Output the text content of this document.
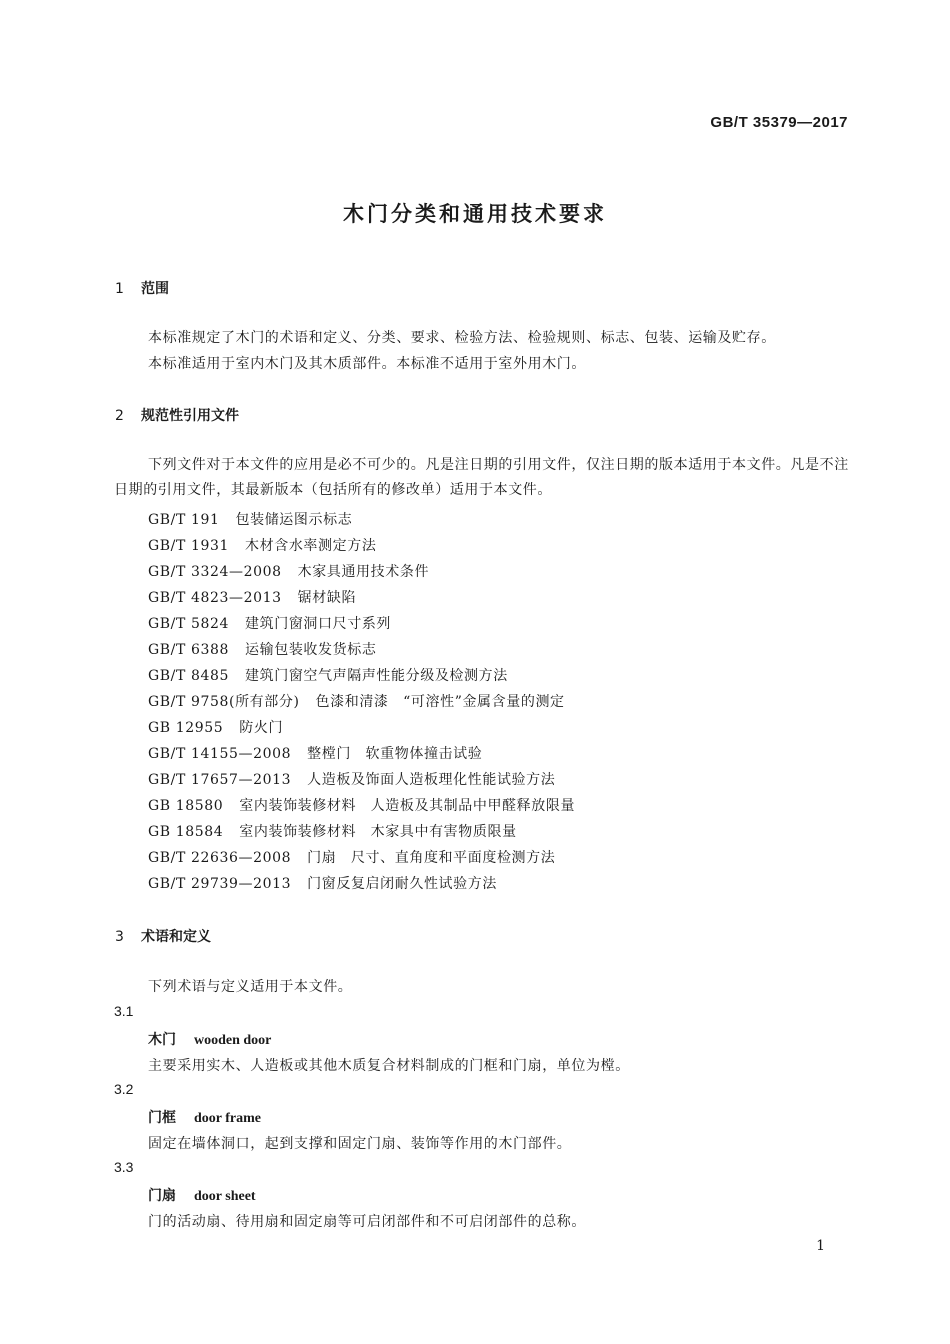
GB/T 35379—2017
木门分类和通用技术要求
1 范围
本标准规定了木门的术语和定义、分类、要求、检验方法、检验规则、标志、包装、运输及贮存。
本标准适用于室内木门及其木质部件。本标准不适用于室外用木门。
2 规范性引用文件
下列文件对于本文件的应用是必不可少的。凡是注日期的引用文件，仅注日期的版本适用于本文件。凡是不注日期的引用文件，其最新版本（包括所有的修改单）适用于本文件。
GB/T 191 包装储运图示标志
GB/T 1931 木材含水率测定方法
GB/T 3324—2008 木家具通用技术条件
GB/T 4823—2013 锯材缺陷
GB/T 5824 建筑门窗洞口尺寸系列
GB/T 6388 运输包装收发货标志
GB/T 8485 建筑门窗空气声隔声性能分级及检测方法
GB/T 9758(所有部分) 色漆和清漆　“可溶性”金属含量的测定
GB 12955 防火门
GB/T 14155—2008 整樘门　软重物体撞击试验
GB/T 17657—2013 人造板及饰面人造板理化性能试验方法
GB 18580 室内装饰装修材料　人造板及其制品中甲醛释放限量
GB 18584 室内装饰装修材料　木家具中有害物质限量
GB/T 22636—2008 门扇　尺寸、直角度和平面度检测方法
GB/T 29739—2013 门窗反复启闭耐久性试验方法
3 术语和定义
下列术语与定义适用于本文件。
3.1
木门 wooden door
主要采用实木、人造板或其他木质复合材料制成的门框和门扇，单位为樘。
3.2
门框 door frame
固定在墙体洞口，起到支撑和固定门扇、装饰等作用的木门部件。
3.3
门扇 door sheet
门的活动扇、待用扇和固定扇等可启闭部件和不可启闭部件的总称。
1
